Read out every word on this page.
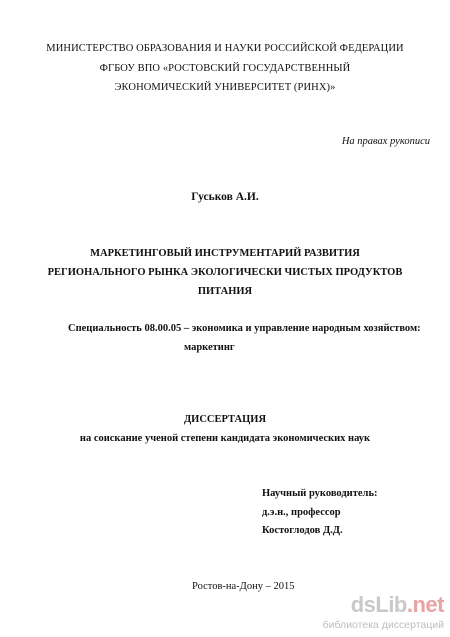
МИНИСТЕРСТВО ОБРАЗОВАНИЯ И НАУКИ РОССИЙСКОЙ ФЕДЕРАЦИИ
ФГБОУ ВПО «РОСТОВСКИЙ ГОСУДАРСТВЕННЫЙ
ЭКОНОМИЧЕСКИЙ УНИВЕРСИТЕТ (РИНХ)»
На правах рукописи
Гуськов А.И.
МАРКЕТИНГОВЫЙ ИНСТРУМЕНТАРИЙ РАЗВИТИЯ
РЕГИОНАЛЬНОГО РЫНКА ЭКОЛОГИЧЕСКИ ЧИСТЫХ ПРОДУКТОВ
ПИТАНИЯ
Специальность 08.00.05 – экономика и управление народным хозяйством:
маркетинг
ДИССЕРТАЦИЯ
на соискание ученой степени кандидата экономических наук
Научный руководитель:
д.э.н., профессор
Костоглодов Д.Д.
Ростов-на-Дону – 2015
dsLib.net
библиотека диссертаций
